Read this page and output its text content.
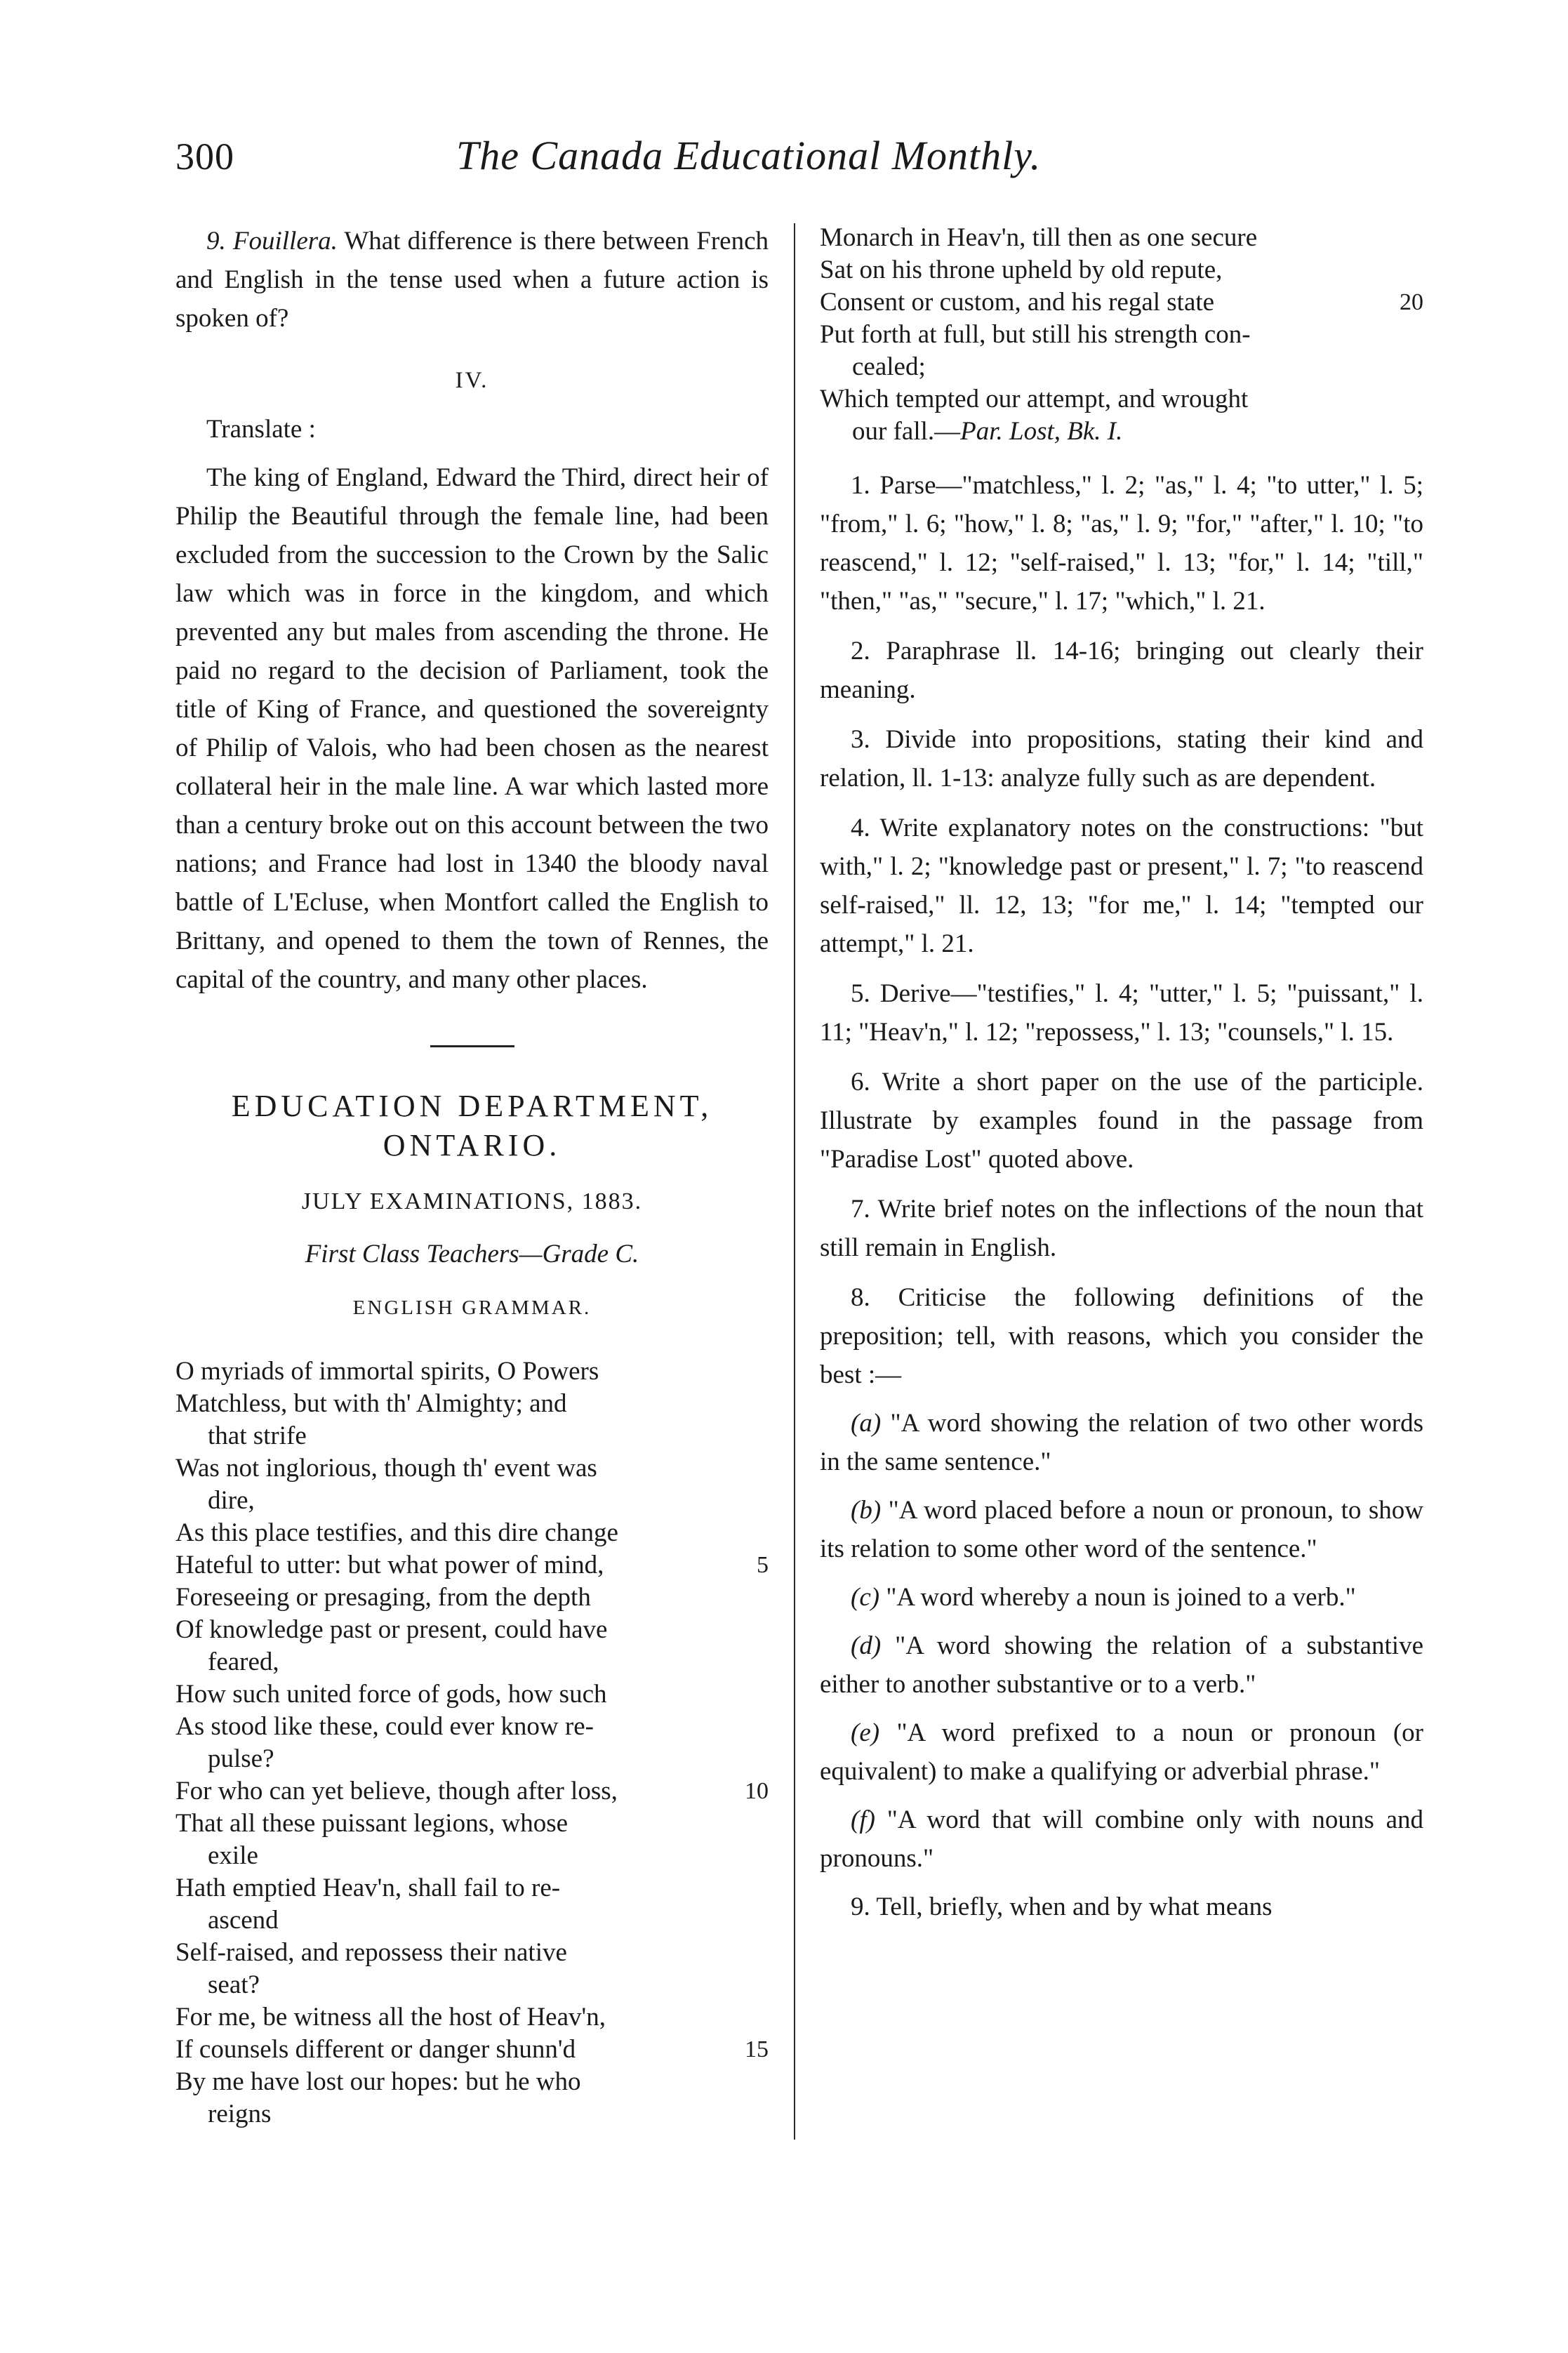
300	The Canada Educational Monthly.

9. Fouillera. What difference is there between French and English in the tense used when a future action is spoken of?

IV.

Translate :

The king of England, Edward the Third, direct heir of Philip the Beautiful through the female line, had been excluded from the succession to the Crown by the Salic law which was in force in the kingdom, and which prevented any but males from ascending the throne. He paid no regard to the decision of Parliament, took the title of King of France, and questioned the sovereignty of Philip of Valois, who had been chosen as the nearest collateral heir in the male line. A war which lasted more than a century broke out on this account between the two nations; and France had lost in 1340 the bloody naval battle of L'Ecluse, when Montfort called the English to Brittany, and opened to them the town of Rennes, the capital of the country, and many other places.

EDUCATION DEPARTMENT,
ONTARIO.
JULY EXAMINATIONS, 1883.
First Class Teachers—Grade C.
ENGLISH GRAMMAR.
O myriads of immortal spirits, O Powers
Matchless, but with th' Almighty; and
that strife
Was not inglorious, though th' event was
dire,
As this place testifies, and this dire change
Hateful to utter: but what power of mind,	5
Foreseeing or presaging, from the depth
Of knowledge past or present, could have
feared,
How such united force of gods, how such
As stood like these, could ever know re-
pulse?
For who can yet believe, though after loss,	10
That all these puissant legions, whose
exile
Hath emptied Heav'n, shall fail to re-
ascend
Self-raised, and repossess their native
seat?
For me, be witness all the host of Heav'n,
If counsels different or danger shunn'd	15
By me have lost our hopes: but he who
reigns
Monarch in Heav'n, till then as one secure
Sat on his throne upheld by old repute,
Consent or custom, and his regal state	20
Put forth at full, but still his strength con-
cealed;
Which tempted our attempt, and wrought
our fall.—Par. Lost, Bk. I.

1. Parse—"matchless," l. 2; "as," l. 4; "to utter," l. 5; "from," l. 6; "how," l. 8; "as," l. 9; "for," "after," l. 10; "to reascend," l. 12; "self-raised," l. 13; "for," l. 14; "till," "then," "as," "secure," l. 17; "which," l. 21.

2. Paraphrase ll. 14-16; bringing out clearly their meaning.

3. Divide into propositions, stating their kind and relation, ll. 1-13: analyze fully such as are dependent.

4. Write explanatory notes on the constructions: "but with," l. 2; "knowledge past or present," l. 7; "to reascend self-raised," ll. 12, 13; "for me," l. 14; "tempted our attempt," l. 21.

5. Derive—"testifies," l. 4; "utter," l. 5; "puissant," l. 11; "Heav'n," l. 12; "repossess," l. 13; "counsels," l. 15.

6. Write a short paper on the use of the participle. Illustrate by examples found in the passage from "Paradise Lost" quoted above.

7. Write brief notes on the inflections of the noun that still remain in English.

8. Criticise the following definitions of the preposition; tell, with reasons, which you consider the best :—

(a) "A word showing the relation of two other words in the same sentence."

(b) "A word placed before a noun or pronoun, to show its relation to some other word of the sentence."

(c) "A word whereby a noun is joined to a verb."

(d) "A word showing the relation of a substantive either to another substantive or to a verb."

(e) "A word prefixed to a noun or pronoun (or equivalent) to make a qualifying or adverbial phrase."

(f) "A word that will combine only with nouns and pronouns."

9. Tell, briefly, when and by what means
